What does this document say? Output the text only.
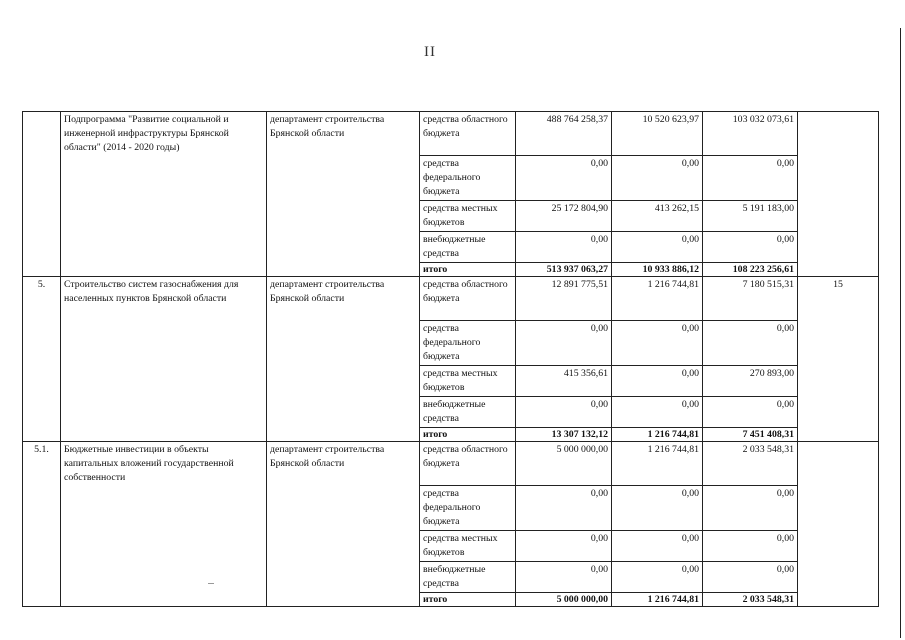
II
	Подпрограмма "Развитие социальной и инженерной инфраструктуры Брянской области" (2014 - 2020 годы)	департамент строительства Брянской области	средства областного бюджета	488 764 258,37	10 520 623,97	103 032 073,61	
			средства федерального бюджета	0,00	0,00	0,00	
			средства местных бюджетов	25 172 804,90	413 262,15	5 191 183,00	
			внебюджетные средства	0,00	0,00	0,00	
			итого	513 937 063,27	10 933 886,12	108 223 256,61	
5.	Строительство систем газоснабжения для населенных пунктов Брянской области	департамент строительства Брянской области	средства областного бюджета	12 891 775,51	1 216 744,81	7 180 515,31	15
			средства федерального бюджета	0,00	0,00	0,00	
			средства местных бюджетов	415 356,61	0,00	270 893,00	
			внебюджетные средства	0,00	0,00	0,00	
			итого	13 307 132,12	1 216 744,81	7 451 408,31	
5.1.	Бюджетные инвестиции в объекты капитальных вложений государственной собственности	департамент строительства Брянской области	средства областного бюджета	5 000 000,00	1 216 744,81	2 033 548,31	
			средства федерального бюджета	0,00	0,00	0,00	
			средства местных бюджетов	0,00	0,00	0,00	
			внебюджетные средства	0,00	0,00	0,00	
			итого	5 000 000,00	1 216 744,81	2 033 548,31	
